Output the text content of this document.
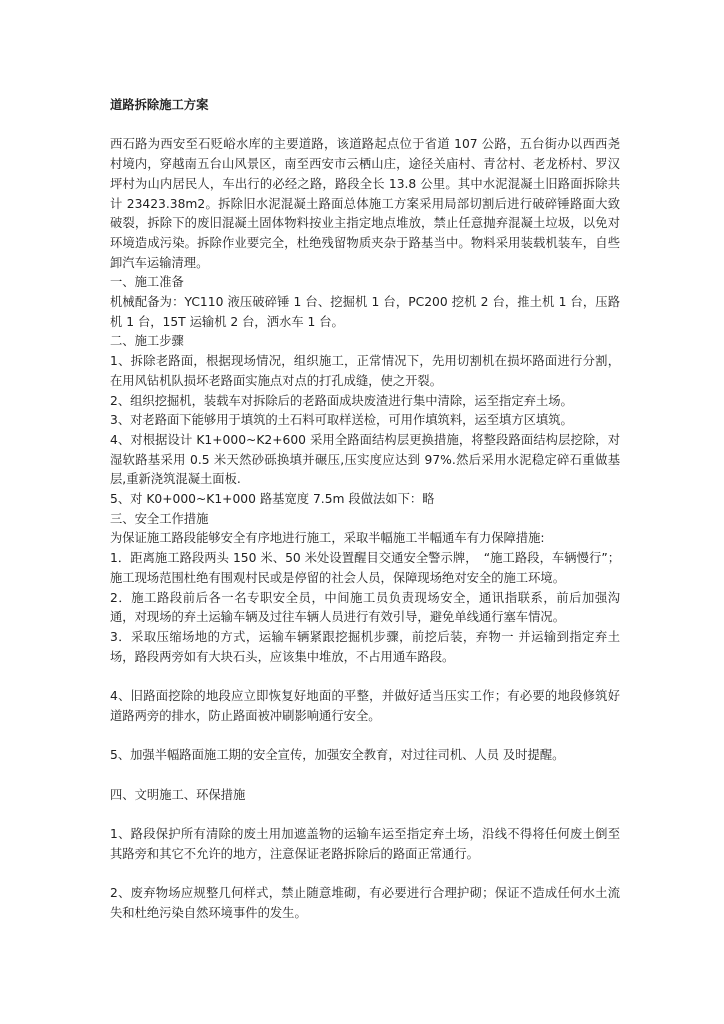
道路拆除施工方案

西石路为西安至石贬峪水库的主要道路，该道路起点位于省道 107 公路，五台街办以西西尧村境内，穿越南五台山风景区，南至西安市云栖山庄，途径关庙村、青岔村、老龙桥村、罗汉坪村为山内居民人，车出行的必经之路，路段全长 13.8 公里。其中水泥混凝土旧路面拆除共计 23423.38m2。拆除旧水泥混凝土路面总体施工方案采用局部切割后进行破碎锤路面大致破裂，拆除下的废旧混凝土固体物料按业主指定地点堆放，禁止任意抛弃混凝土垃圾，以免对环境造成污染。拆除作业要完全，杜绝残留物质夹杂于路基当中。物料采用装载机装车，自些卸汽车运输清理。

一、施工准备

机械配备为：YC110 液压破碎锤 1 台、挖掘机 1 台，PC200 挖机 2 台，推土机 1 台，压路机 1 台，15T 运输机 2 台，洒水车 1 台。

二、施工步骤

1、拆除老路面，根据现场情况，组织施工，正常情况下，先用切割机在损坏路面进行分割，在用风钻机队损坏老路面实施点对点的打孔成缝，使之开裂。

2、组织挖掘机，装载车对拆除后的老路面成块废渣进行集中清除，运至指定弃土场。

3、对老路面下能够用于填筑的土石料可取样送检，可用作填筑料，运至填方区填筑。

4、对根据设计 K1+000~K2+600 采用全路面结构层更换措施，将整段路面结构层挖除，对湿软路基采用 0.5 米天然砂砾换填并碾压,压实度应达到 97%.然后采用水泥稳定碎石重做基层,重新浇筑混凝土面板.

5、对 K0+000~K1+000 路基宽度 7.5m 段做法如下：略

三、安全工作措施

为保证施工路段能够安全有序地进行施工，采取半幅施工半幅通车有力保障措施:

1．距离施工路段两头 150 米、50 米处设置醒目交通安全警示牌，　“施工路段，车辆慢行”；施工现场范围杜绝有围观村民或是停留的社会人员，保障现场绝对安全的施工环境。

2．施工路段前后各一名专职安全员，中间施工员负责现场安全，通讯指联系，前后加强沟通，对现场的弃土运输车辆及过往车辆人员进行有效引导，避免单线通行塞车情况。

3．采取压缩场地的方式，运输车辆紧跟挖掘机步骤，前挖后装，弃物一 并运输到指定弃土场，路段两旁如有大块石头，应该集中堆放，不占用通车路段。

4、旧路面挖除的地段应立即恢复好地面的平整，并做好适当压实工作；有必要的地段修筑好道路两旁的排水，防止路面被冲刷影响通行安全。

5、加强半幅路面施工期的安全宣传，加强安全教育，对过往司机、人员 及时提醒。

四、文明施工、环保措施

1、路段保护所有清除的废土用加遮盖物的运输车运至指定弃土场，沿线不得将任何废土倒至其路旁和其它不允许的地方，注意保证老路拆除后的路面正常通行。

2、废弃物场应规整几何样式，禁止随意堆砌，有必要进行合理护砌；保证不造成任何水土流失和杜绝污染自然环境事件的发生。
